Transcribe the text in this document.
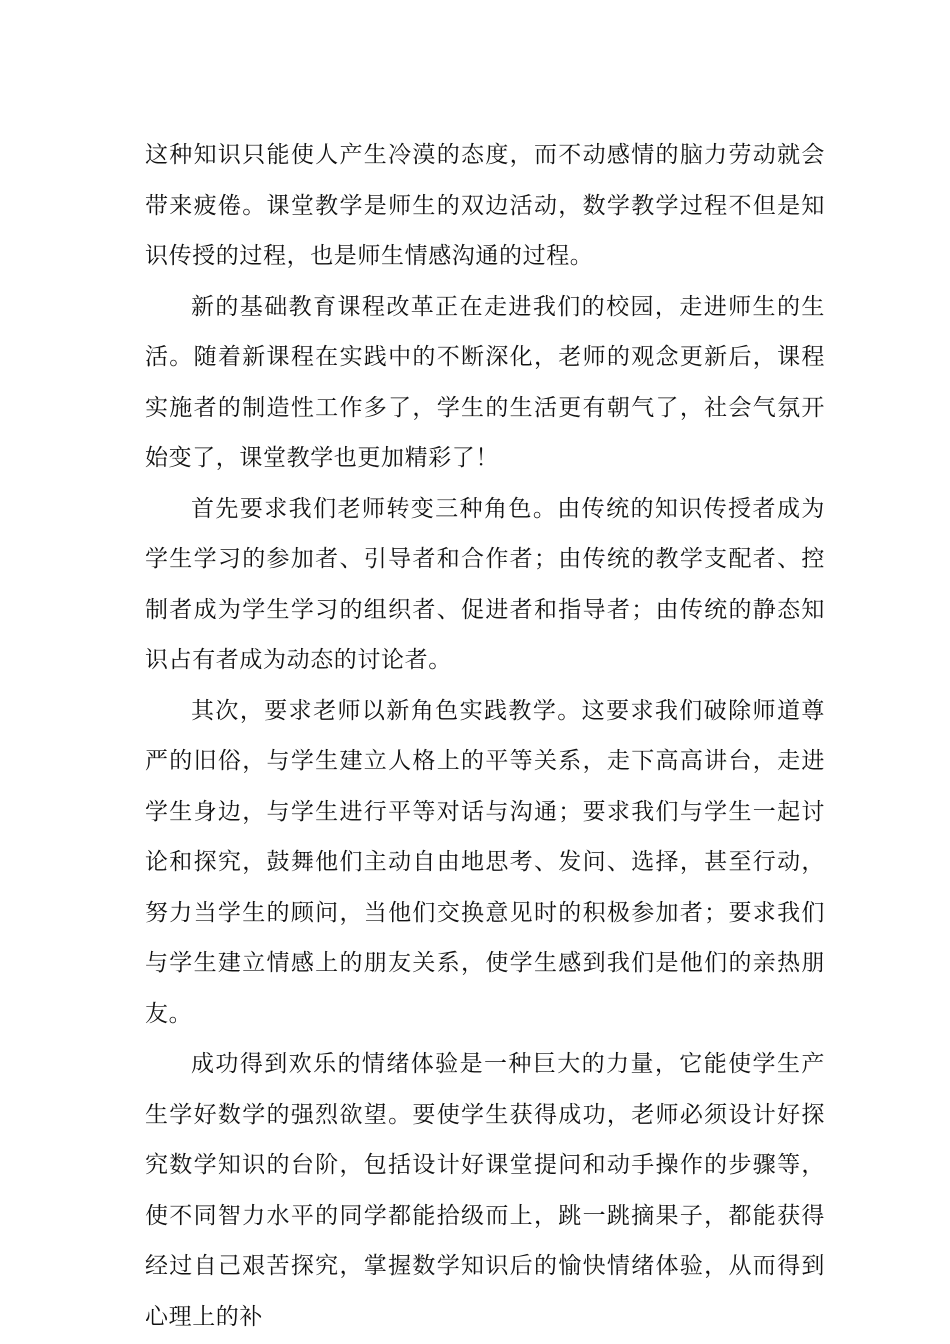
这种知识只能使人产生冷漠的态度，而不动感情的脑力劳动就会带来疲倦。课堂教学是师生的双边活动，数学教学过程不但是知识传授的过程，也是师生情感沟通的过程。

新的基础教育课程改革正在走进我们的校园，走进师生的生活。随着新课程在实践中的不断深化，老师的观念更新后，课程实施者的制造性工作多了，学生的生活更有朝气了，社会气氛开始变了，课堂教学也更加精彩了！

首先要求我们老师转变三种角色。由传统的知识传授者成为学生学习的参加者、引导者和合作者；由传统的教学支配者、控制者成为学生学习的组织者、促进者和指导者；由传统的静态知识占有者成为动态的讨论者。

其次，要求老师以新角色实践教学。这要求我们破除师道尊严的旧俗，与学生建立人格上的平等关系，走下高高讲台，走进学生身边，与学生进行平等对话与沟通；要求我们与学生一起讨论和探究，鼓舞他们主动自由地思考、发问、选择，甚至行动，努力当学生的顾问，当他们交换意见时的积极参加者；要求我们与学生建立情感上的朋友关系，使学生感到我们是他们的亲热朋友。

成功得到欢乐的情绪体验是一种巨大的力量，它能使学生产生学好数学的强烈欲望。要使学生获得成功，老师必须设计好探究数学知识的台阶，包括设计好课堂提问和动手操作的步骤等，使不同智力水平的同学都能拾级而上，跳一跳摘果子，都能获得经过自己艰苦探究，掌握数学知识后的愉快情绪体验，从而得到心理上的补
